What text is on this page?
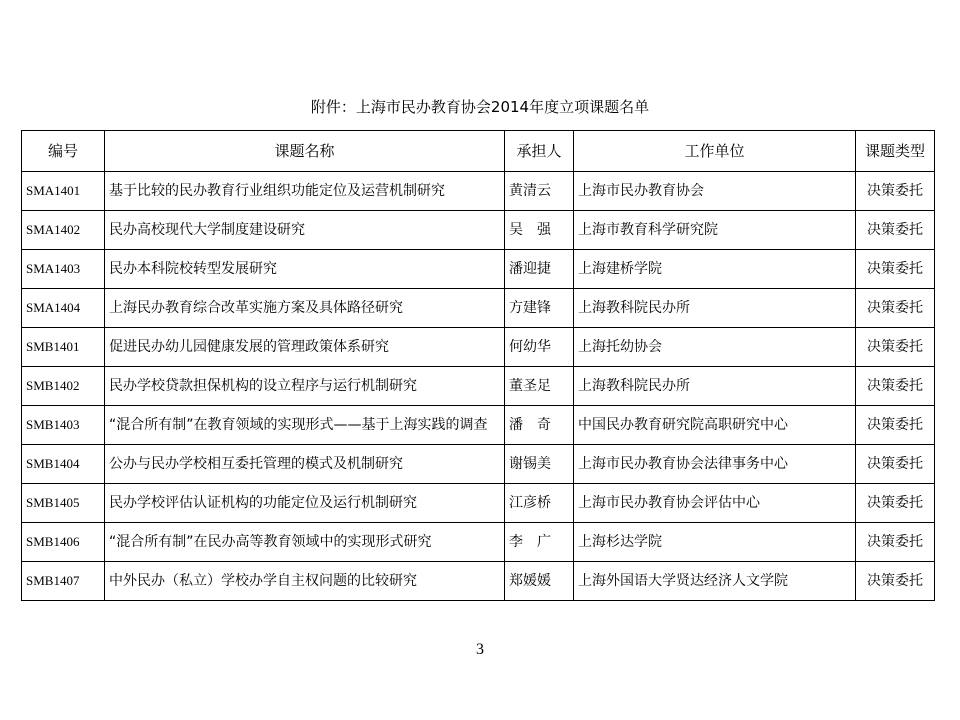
附件：上海市民办教育协会2014年度立项课题名单
编号	课题名称	承担人	工作单位	课题类型
SMA1401	基于比较的民办教育行业组织功能定位及运营机制研究	黄清云	上海市民办教育协会	决策委托
SMA1402	民办高校现代大学制度建设研究	吴　强	上海市教育科学研究院	决策委托
SMA1403	民办本科院校转型发展研究	潘迎捷	上海建桥学院	决策委托
SMA1404	上海民办教育综合改革实施方案及具体路径研究	方建锋	上海教科院民办所	决策委托
SMB1401	促进民办幼儿园健康发展的管理政策体系研究	何幼华	上海托幼协会	决策委托
SMB1402	民办学校贷款担保机构的设立程序与运行机制研究	董圣足	上海教科院民办所	决策委托
SMB1403	“混合所有制”在教育领域的实现形式——基于上海实践的调查	潘　奇	中国民办教育研究院高职研究中心	决策委托
SMB1404	公办与民办学校相互委托管理的模式及机制研究	谢锡美	上海市民办教育协会法律事务中心	决策委托
SMB1405	民办学校评估认证机构的功能定位及运行机制研究	江彦桥	上海市民办教育协会评估中心	决策委托
SMB1406	“混合所有制”在民办高等教育领域中的实现形式研究	李　广	上海杉达学院	决策委托
SMB1407	中外民办（私立）学校办学自主权问题的比较研究	郑媛媛	上海外国语大学贤达经济人文学院	决策委托
3
